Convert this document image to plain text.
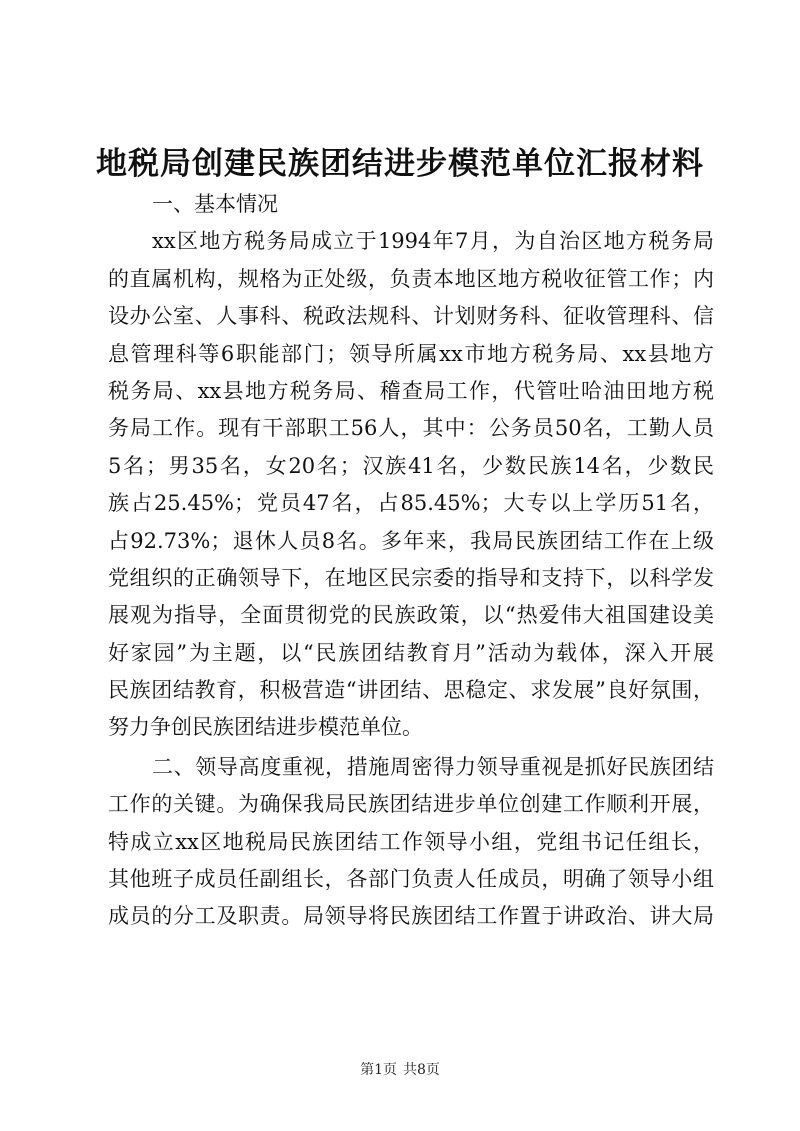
地税局创建民族团结进步模范单位汇报材料
一、基本情况
xx区地方税务局成立于1994年7月，为自治区地方税务局
的直属机构，规格为正处级，负责本地区地方税收征管工作；内
设办公室、人事科、税政法规科、计划财务科、征收管理科、信
息管理科等6职能部门；领导所属xx市地方税务局、xx县地方
税务局、xx县地方税务局、稽查局工作，代管吐哈油田地方税
务局工作。现有干部职工56人，其中：公务员50名，工勤人员
5名；男35名，女20名；汉族41名，少数民族14名，少数民
族占25.45%；党员47名，占85.45%；大专以上学历51名，
占92.73%；退休人员8名。多年来，我局民族团结工作在上级
党组织的正确领导下，在地区民宗委的指导和支持下，以科学发
展观为指导，全面贯彻党的民族政策，以“热爱伟大祖国建设美
好家园”为主题，以“民族团结教育月”活动为载体，深入开展
民族团结教育，积极营造“讲团结、思稳定、求发展”良好氛围，
努力争创民族团结进步模范单位。
二、领导高度重视，措施周密得力领导重视是抓好民族团结
工作的关键。为确保我局民族团结进步单位创建工作顺利开展，
特成立xx区地税局民族团结工作领导小组，党组书记任组长，
其他班子成员任副组长，各部门负责人任成员，明确了领导小组
成员的分工及职责。局领导将民族团结工作置于讲政治、讲大局
第1页 共8页
